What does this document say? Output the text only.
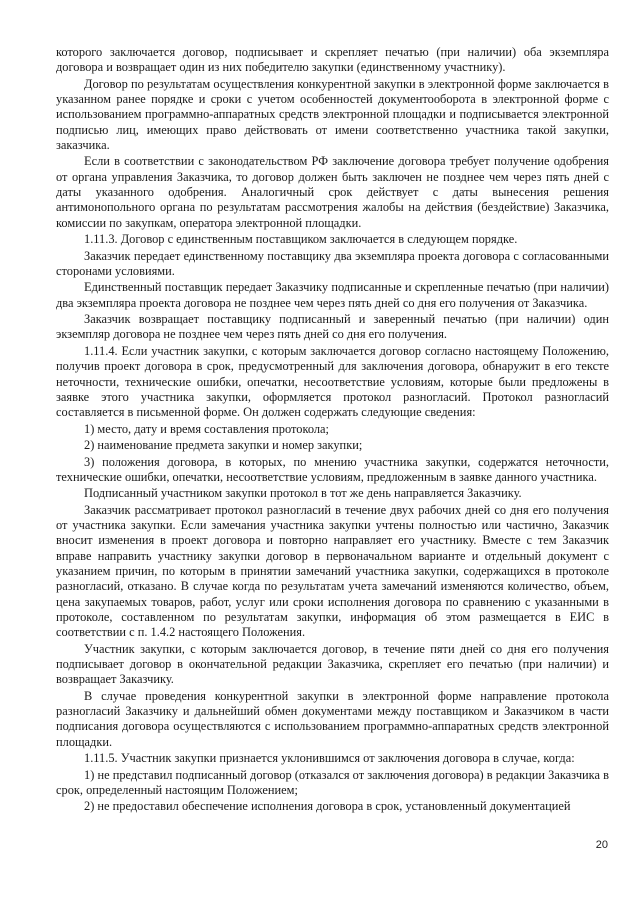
которого заключается договор, подписывает и скрепляет печатью (при наличии) оба экземпляра договора и возвращает один из них победителю закупки (единственному участнику).

Договор по результатам осуществления конкурентной закупки в электронной форме заключается в указанном ранее порядке и сроки с учетом особенностей документооборота в электронной форме с использованием программно-аппаратных средств электронной площадки и подписывается электронной подписью лиц, имеющих право действовать от имени соответственно участника такой закупки, заказчика.

Если в соответствии с законодательством РФ заключение договора требует получение одобрения от органа управления Заказчика, то договор должен быть заключен не позднее чем через пять дней с даты указанного одобрения. Аналогичный срок действует с даты вынесения решения антимонопольного органа по результатам рассмотрения жалобы на действия (бездействие) Заказчика, комиссии по закупкам, оператора электронной площадки.

1.11.3. Договор с единственным поставщиком заключается в следующем порядке.

Заказчик передает единственному поставщику два экземпляра проекта договора с согласованными сторонами условиями.

Единственный поставщик передает Заказчику подписанные и скрепленные печатью (при наличии) два экземпляра проекта договора не позднее чем через пять дней со дня его получения от Заказчика.

Заказчик возвращает поставщику подписанный и заверенный печатью (при наличии) один экземпляр договора не позднее чем через пять дней со дня его получения.

1.11.4. Если участник закупки, с которым заключается договор согласно настоящему Положению, получив проект договора в срок, предусмотренный для заключения договора, обнаружит в его тексте неточности, технические ошибки, опечатки, несоответствие условиям, которые были предложены в заявке этого участника закупки, оформляется протокол разногласий. Протокол разногласий составляется в письменной форме. Он должен содержать следующие сведения:

1) место, дату и время составления протокола;

2) наименование предмета закупки и номер закупки;

3) положения договора, в которых, по мнению участника закупки, содержатся неточности, технические ошибки, опечатки, несоответствие условиям, предложенным в заявке данного участника.

Подписанный участником закупки протокол в тот же день направляется Заказчику.

Заказчик рассматривает протокол разногласий в течение двух рабочих дней со дня его получения от участника закупки. Если замечания участника закупки учтены полностью или частично, Заказчик вносит изменения в проект договора и повторно направляет его участнику. Вместе с тем Заказчик вправе направить участнику закупки договор в первоначальном варианте и отдельный документ с указанием причин, по которым в принятии замечаний участника закупки, содержащихся в протоколе разногласий, отказано. В случае когда по результатам учета замечаний изменяются количество, объем, цена закупаемых товаров, работ, услуг или сроки исполнения договора по сравнению с указанными в протоколе, составленном по результатам закупки, информация об этом размещается в ЕИС в соответствии с п. 1.4.2 настоящего Положения.

Участник закупки, с которым заключается договор, в течение пяти дней со дня его получения подписывает договор в окончательной редакции Заказчика, скрепляет его печатью (при наличии) и возвращает Заказчику.

В случае проведения конкурентной закупки в электронной форме направление протокола разногласий Заказчику и дальнейший обмен документами между поставщиком и Заказчиком в части подписания договора осуществляются с использованием программно-аппаратных средств электронной площадки.

1.11.5. Участник закупки признается уклонившимся от заключения договора в случае, когда:

1) не представил подписанный договор (отказался от заключения договора) в редакции Заказчика в срок, определенный настоящим Положением;

2) не предоставил обеспечение исполнения договора в срок, установленный документацией

20
